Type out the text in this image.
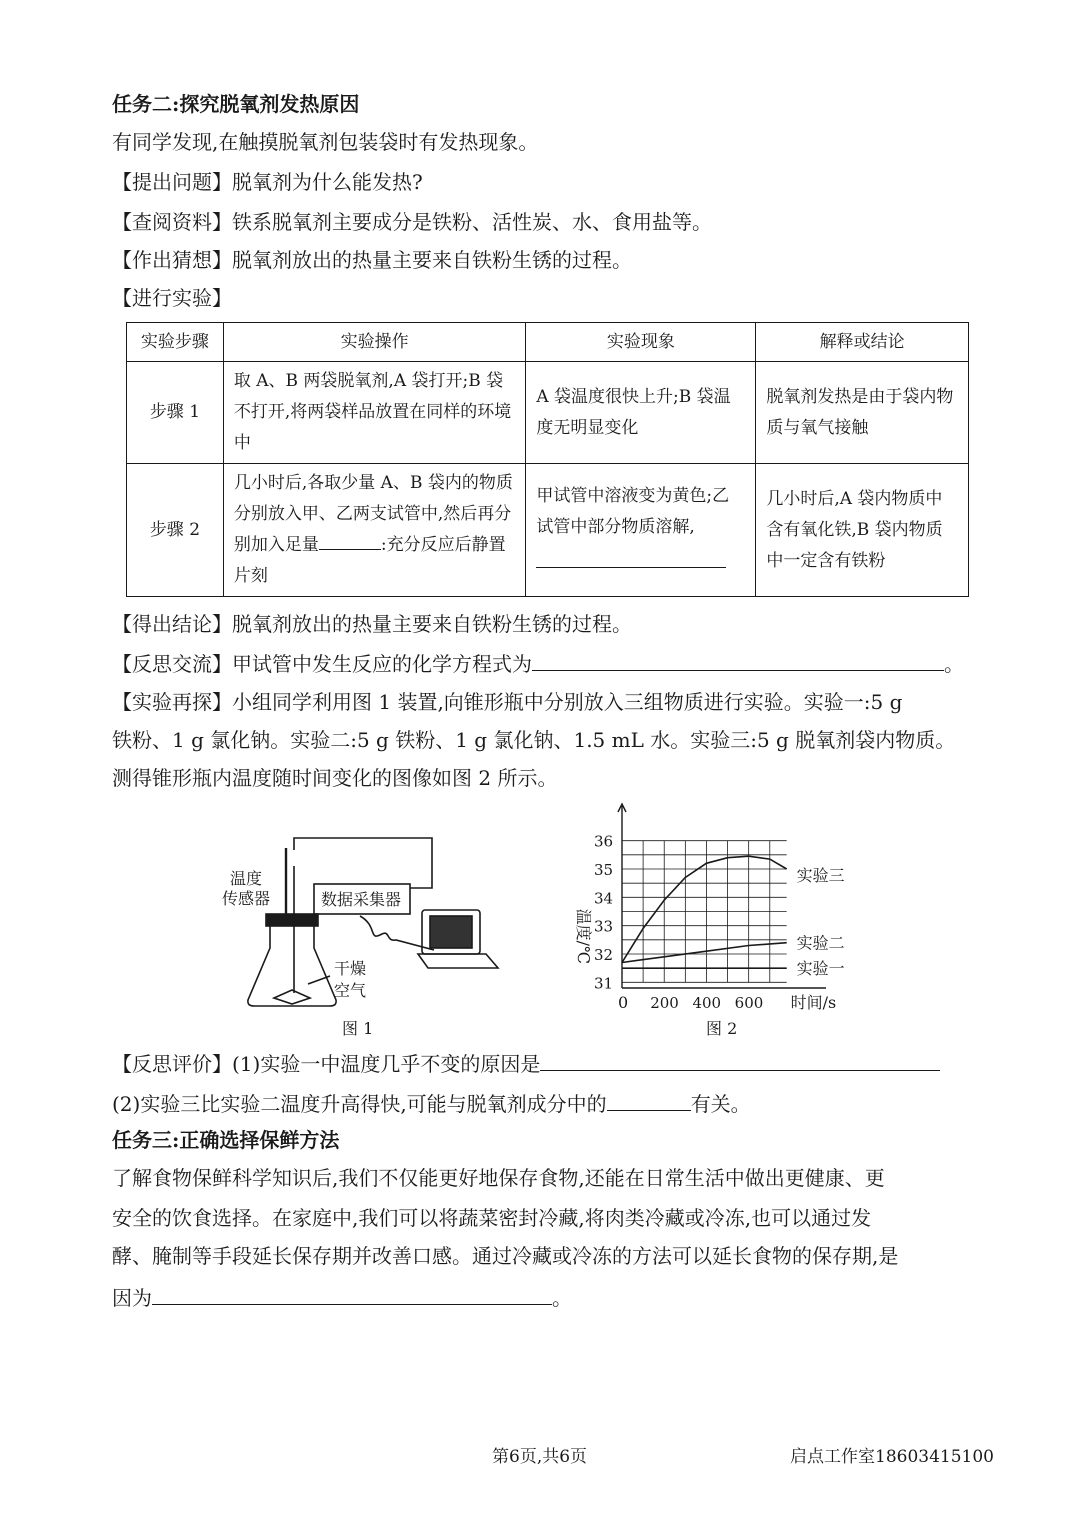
任务二:探究脱氧剂发热原因
有同学发现,在触摸脱氧剂包装袋时有发热现象。
【提出问题】脱氧剂为什么能发热?
【查阅资料】铁系脱氧剂主要成分是铁粉、活性炭、水、食用盐等。
【作出猜想】脱氧剂放出的热量主要来自铁粉生锈的过程。
【进行实验】
实验步骤	实验操作	实验现象	解释或结论
步骤 1	取 A、B 两袋脱氧剂,A 袋打开;B 袋不打开,将两袋样品放置在同样的环境中	A 袋温度很快上升;B 袋温度无明显变化	脱氧剂发热是由于袋内物质与氧气接触
步骤 2	几小时后,各取少量 A、B 袋内的物质分别放入甲、乙两支试管中,然后再分别加入足量 :充分反应后静置片刻	甲试管中溶液变为黄色;乙试管中部分物质溶解,	几小时后,A 袋内物质中含有氧化铁,B 袋内物质中一定含有铁粉
【得出结论】脱氧剂放出的热量主要来自铁粉生锈的过程。
【反思交流】甲试管中发生反应的化学方程式为	。
【实验再探】小组同学利用图 1 装置,向锥形瓶中分别放入三组物质进行实验。实验一:5 g
铁粉、1 g 氯化钠。实验二:5 g 铁粉、1 g 氯化钠、1.5 mL 水。实验三:5 g 脱氧剂袋内物质。
测得锥形瓶内温度随时间变化的图像如图 2 所示。
温度
传感器	数据采集器
干燥
空气
图 1
温度/℃
31
32
33
34
35
36
200 400 600
实验三
实验二
实验一
时间/s
0
图 2
【反思评价】(1)实验一中温度几乎不变的原因是
(2)实验三比实验二温度升高得快,可能与脱氧剂成分中的	有关。
任务三:正确选择保鲜方法
了解食物保鲜科学知识后,我们不仅能更好地保存食物,还能在日常生活中做出更健康、更
安全的饮食选择。在家庭中,我们可以将蔬菜密封冷藏,将肉类冷藏或冷冻,也可以通过发
酵、腌制等手段延长保存期并改善口感。通过冷藏或冷冻的方法可以延长食物的保存期,是
因为	。
第6页,共6页	启点工作室18603415100
